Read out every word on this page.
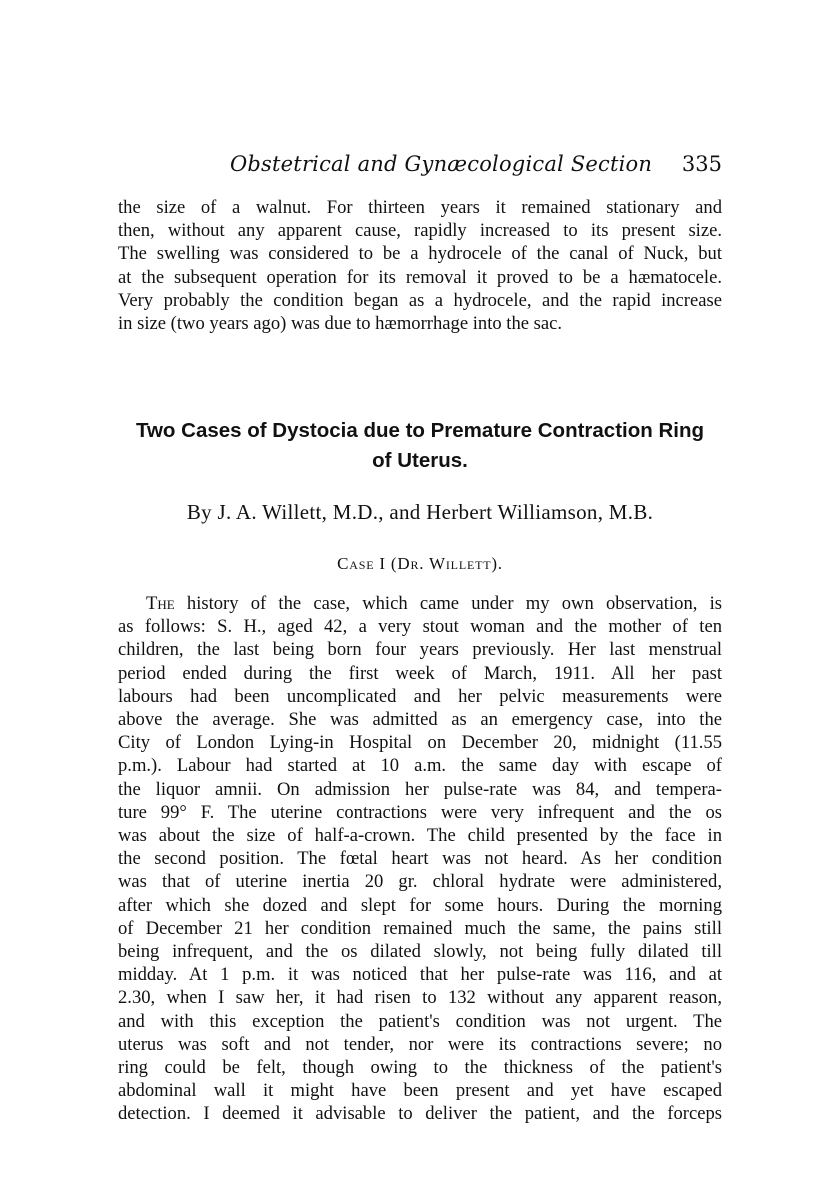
Obstetrical and Gynæcological Section 335

the size of a walnut. For thirteen years it remained stationary and
then, without any apparent cause, rapidly increased to its present size.
The swelling was considered to be a hydrocele of the canal of Nuck, but
at the subsequent operation for its removal it proved to be a hæmatocele.
Very probably the condition began as a hydrocele, and the rapid increase
in size (two years ago) was due to hæmorrhage into the sac.

Two Cases of Dystocia due to Premature Contraction Ring
of Uterus.

By J. A. Willett, M.D., and Herbert Williamson, M.B.

Case I (Dr. Willett).

The history of the case, which came under my own observation, is
as follows: S. H., aged 42, a very stout woman and the mother of ten
children, the last being born four years previously. Her last menstrual
period ended during the first week of March, 1911. All her past
labours had been uncomplicated and her pelvic measurements were
above the average. She was admitted as an emergency case, into the
City of London Lying-in Hospital on December 20, midnight (11.55
p.m.). Labour had started at 10 a.m. the same day with escape of
the liquor amnii. On admission her pulse-rate was 84, and tempera-
ture 99° F. The uterine contractions were very infrequent and the os
was about the size of half-a-crown. The child presented by the face in
the second position. The fœtal heart was not heard. As her condition
was that of uterine inertia 20 gr. chloral hydrate were administered,
after which she dozed and slept for some hours. During the morning
of December 21 her condition remained much the same, the pains still
being infrequent, and the os dilated slowly, not being fully dilated till
midday. At 1 p.m. it was noticed that her pulse-rate was 116, and at
2.30, when I saw her, it had risen to 132 without any apparent reason,
and with this exception the patient's condition was not urgent. The
uterus was soft and not tender, nor were its contractions severe; no
ring could be felt, though owing to the thickness of the patient's
abdominal wall it might have been present and yet have escaped
detection. I deemed it advisable to deliver the patient, and the forceps
